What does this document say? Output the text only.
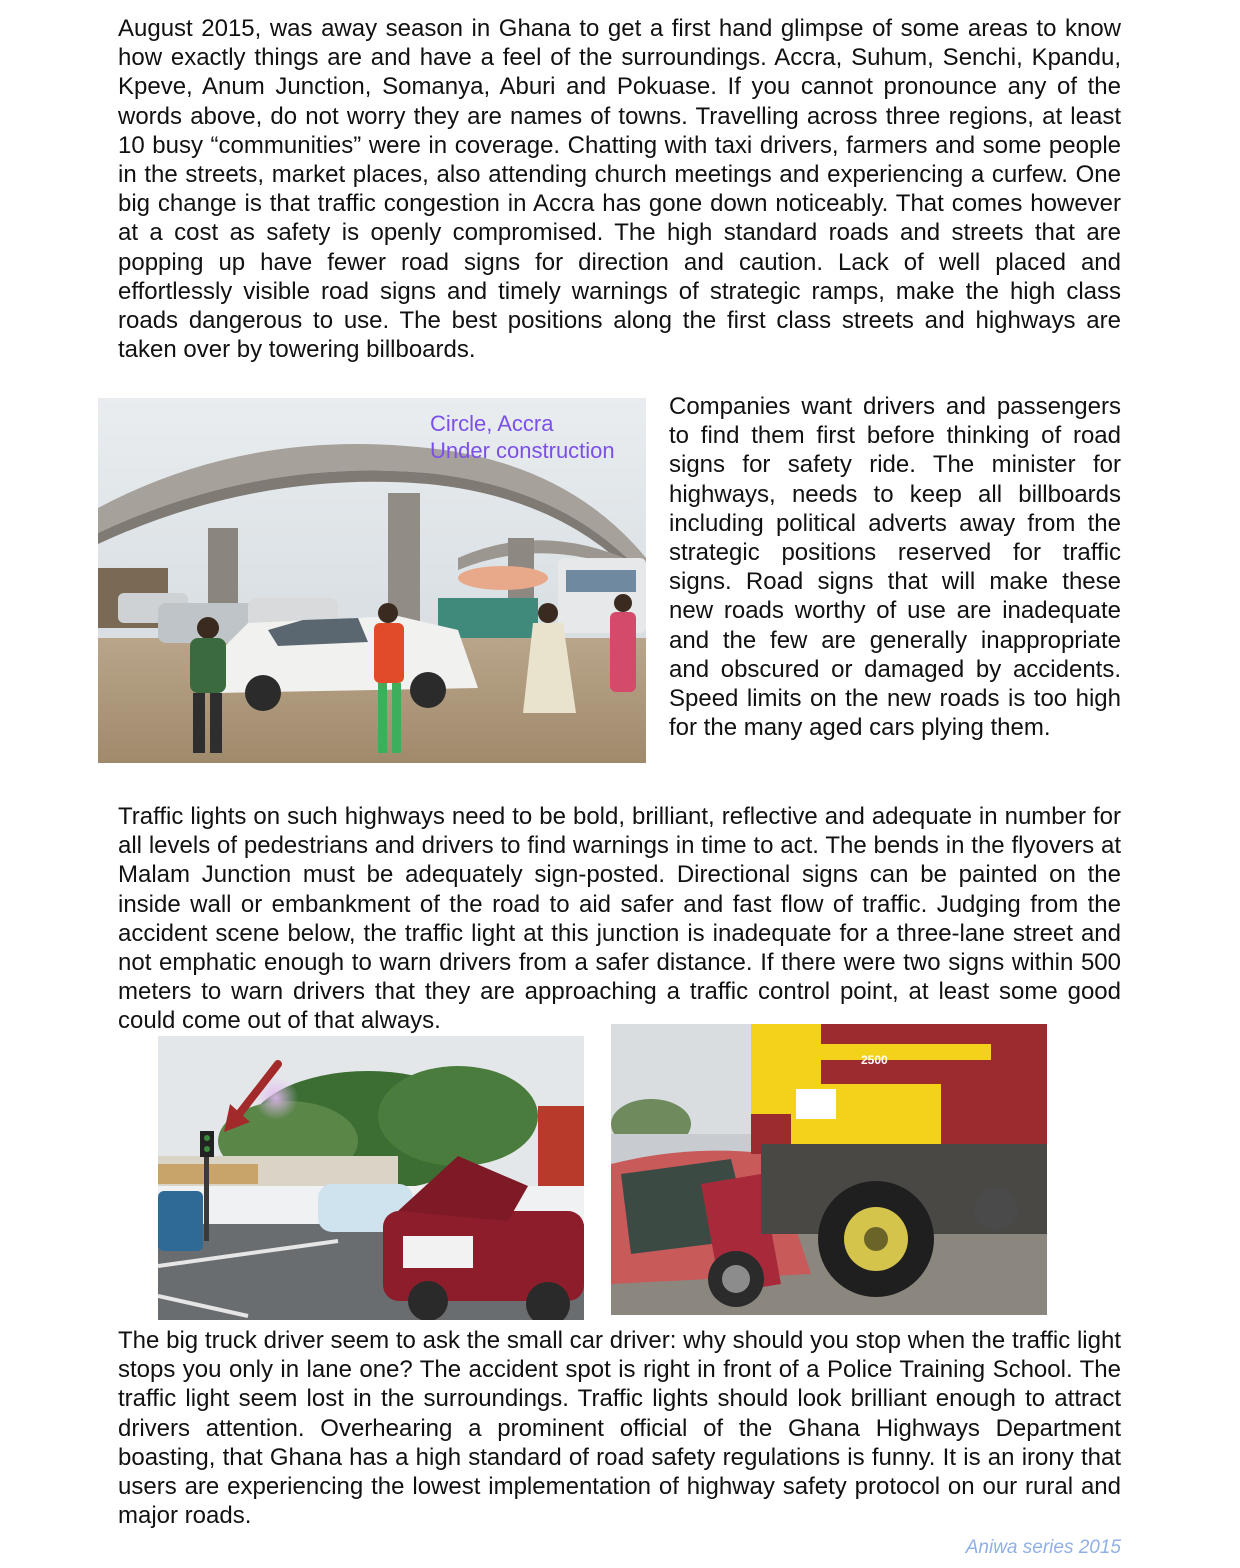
August 2015, was away season in Ghana to get a first hand glimpse of some areas to know how exactly things are and have a feel of the surroundings. Accra, Suhum, Senchi, Kpandu, Kpeve, Anum Junction, Somanya, Aburi and Pokuase. If you cannot pronounce any of the words above, do not worry they are names of towns. Travelling across three regions, at least 10 busy “communities” were in coverage. Chatting with taxi drivers, farmers and some people in the streets, market places, also attending church meetings and experiencing a curfew. One big change is that traffic congestion in Accra has gone down noticeably. That comes however at a cost as safety is openly compromised. The high standard roads and streets that are popping up have fewer road signs for direction and caution. Lack of well placed and effortlessly visible road signs and timely warnings of strategic ramps, make the high class roads dangerous to use. The best positions along the first class streets and highways are taken over by towering billboards.

Circle, Accra
Under construction

Companies want drivers and passengers to find them first before thinking of road signs for safety ride. The minister for highways, needs to keep all billboards including political adverts away from the strategic positions reserved for traffic signs. Road signs that will make these new roads worthy of use are inadequate and the few are generally inappropriate and obscured or damaged by accidents. Speed limits on the new roads is too high for the many aged cars plying them.

Traffic lights on such highways need to be bold, brilliant, reflective and adequate in number for all levels of pedestrians and drivers to find warnings in time to act. The bends in the flyovers at Malam Junction must be adequately sign-posted. Directional signs can be painted on the inside wall or embankment of the road to aid safer and fast flow of traffic. Judging from the accident scene below, the traffic light at this junction is inadequate for a three-lane street and not emphatic enough to warn drivers from a safer distance. If there were two signs within 500 meters to warn drivers that they are approaching a traffic control point, at least some good could come out of that always.

2500

The big truck driver seem to ask the small car driver: why should you stop when the traffic light stops you only in lane one? The accident spot is right in front of a Police Training School. The traffic light seem lost in the surroundings. Traffic lights should look brilliant enough to attract drivers attention. Overhearing a prominent official of the Ghana Highways Department boasting, that Ghana has a high standard of road safety regulations is funny. It is an irony that users are experiencing the lowest implementation of highway safety protocol on our rural and major roads.

Aniwa series 2015
